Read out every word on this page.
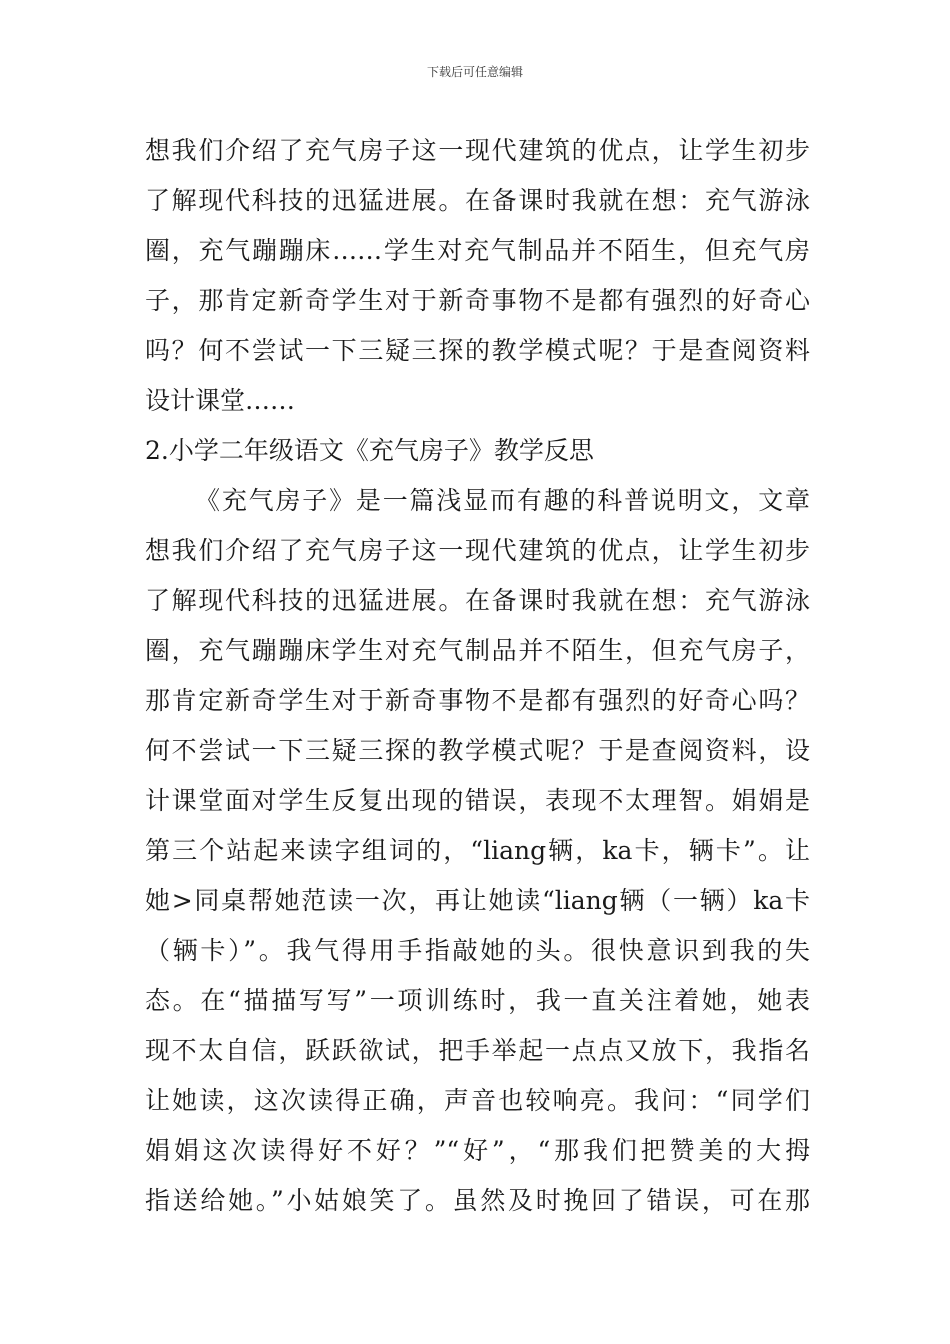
下载后可任意编辑
想我们介绍了充气房子这一现代建筑的优点，让学生初步
了解现代科技的迅猛进展。在备课时我就在想：充气游泳
圈，充气蹦蹦床……学生对充气制品并不陌生，但充气房
子，那肯定新奇学生对于新奇事物不是都有强烈的好奇心
吗？何不尝试一下三疑三探的教学模式呢？于是查阅资料
设计课堂……
2.小学二年级语文《充气房子》教学反思
《充气房子》是一篇浅显而有趣的科普说明文，文章
想我们介绍了充气房子这一现代建筑的优点，让学生初步
了解现代科技的迅猛进展。在备课时我就在想：充气游泳
圈，充气蹦蹦床学生对充气制品并不陌生，但充气房子，
那肯定新奇学生对于新奇事物不是都有强烈的好奇心吗？
何不尝试一下三疑三探的教学模式呢？于是查阅资料，设
计课堂面对学生反复出现的错误，表现不太理智。娟娟是
第三个站起来读字组词的，“liang辆，ka卡，辆卡”。让
她>同桌帮她范读一次，再让她读“liang辆（一辆）ka卡
（辆卡）”。我气得用手指敲她的头。很快意识到我的失
态。在“描描写写”一项训练时，我一直关注着她，她表
现不太自信，跃跃欲试，把手举起一点点又放下，我指名
让她读，这次读得正确，声音也较响亮。我问：“同学们
娟娟这次读得好不好？”“好”，“那我们把赞美的大拇
指送给她。”小姑娘笑了。虽然及时挽回了错误，可在那
